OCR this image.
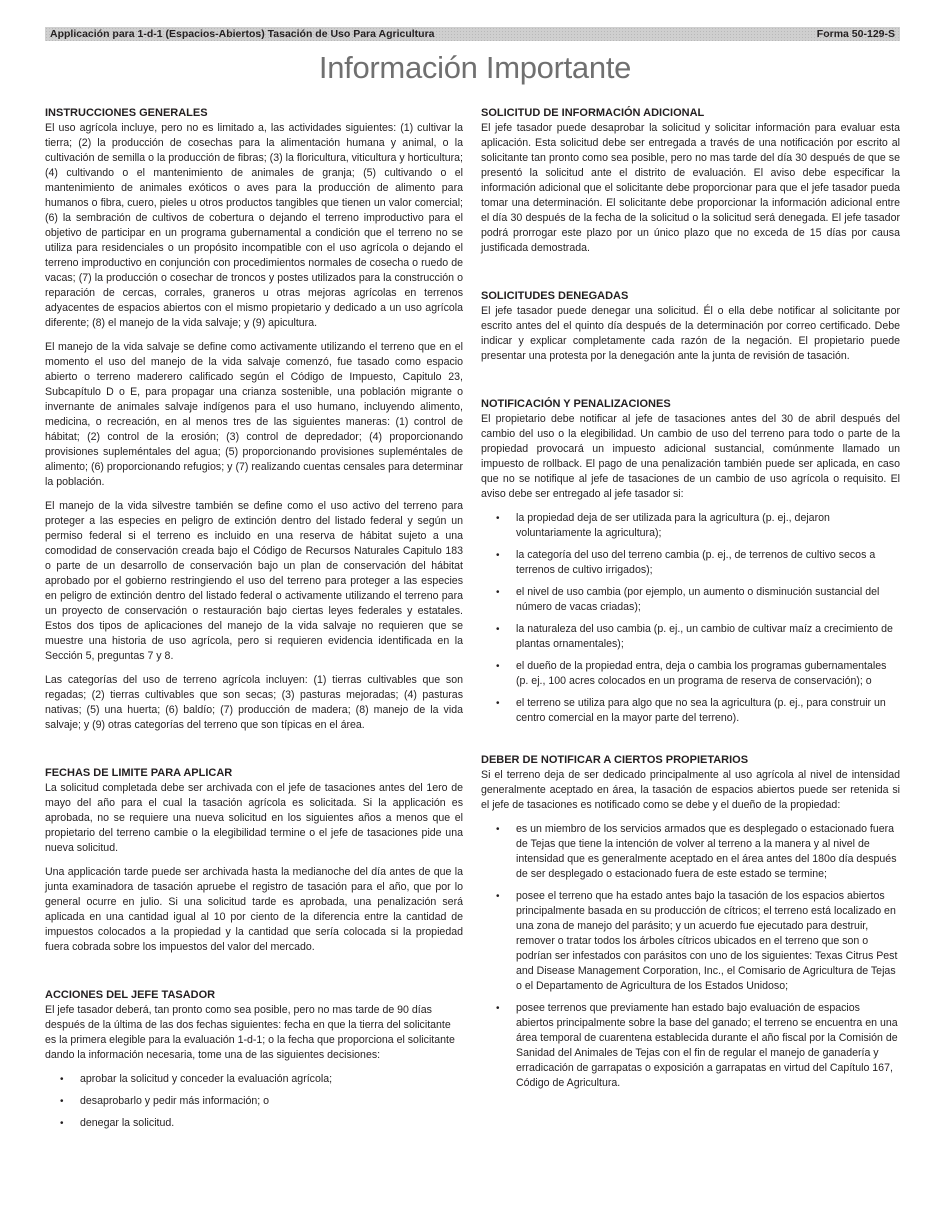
Applicación para 1-d-1 (Espacios-Abiertos) Tasación de Uso Para Agricultura	Forma 50-129-S
Información Importante
INSTRUCCIONES GENERALES

El uso agrícola incluye, pero no es limitado a, las actividades siguientes: (1) cultivar la tierra; (2) la producción de cosechas para la alimentación humana y animal, o la cultivación de semilla o la producción de fibras; (3) la floricultura, viticultura y horticultura; (4) cultivando o el mantenimiento de animales de granja; (5) cultivando o el mantenimiento de animales exóticos o aves para la producción de alimento para humanos o fibra, cuero, pieles u otros productos tangibles que tienen un valor comercial; (6) la sembración de cultivos de cobertura o dejando el terreno improductivo para el objetivo de participar en un programa gubernamental a condición que el terreno no se utiliza para residenciales o un propósito incompatible con el uso agrícola o dejando el terreno improductivo en conjunción con procedimientos normales de cosecha o ruedo de vacas; (7) la producción o cosechar de troncos y postes utilizados para la construcción o reparación de cercas, corrales, graneros u otras mejoras agrícolas en terrenos adyacentes de espacios abiertos con el mismo propietario y dedicado a un uso agrícola diferente; (8) el manejo de la vida salvaje; y (9) apicultura.

El manejo de la vida salvaje se define como activamente utilizando el terreno que en el momento el uso del manejo de la vida salvaje comenzó, fue tasado como espacio abierto o terreno maderero calificado según el Código de Impuesto, Capitulo 23, Subcapítulo D o E, para propagar una crianza sostenible, una población migrante o invernante de animales salvaje indígenos para el uso humano, incluyendo alimento, medicina, o recreación, en al menos tres de las siguientes maneras: (1) control de hábitat; (2) control de la erosión; (3) control de depredador; (4) proporcionando provisiones supleméntales del agua; (5) proporcionando provisiones supleméntales de alimento; (6) proporcionando refugios; y (7) realizando cuentas censales para determinar la población.

El manejo de la vida silvestre también se define como el uso activo del terreno para proteger a las especies en peligro de extinción dentro del listado federal y según un permiso federal si el terreno es incluido en una reserva de hábitat sujeto a una comodidad de conservación creada bajo el Código de Recursos Naturales Capitulo 183 o parte de un desarrollo de conservación bajo un plan de conservación del hábitat aprobado por el gobierno restringiendo el uso del terreno para proteger a las especies en peligro de extinción dentro del listado federal o activamente utilizando el terreno para un proyecto de conservación o restauración bajo ciertas leyes federales y estatales. Estos dos tipos de aplicaciones del manejo de la vida salvaje no requieren que se muestre una historia de uso agrícola, pero si requieren evidencia identificada en la Sección 5, preguntas 7 y 8.

Las categorías del uso de terreno agrícola incluyen: (1) tierras cultivables que son regadas; (2) tierras cultivables que son secas; (3) pasturas mejoradas; (4) pasturas nativas; (5) una huerta; (6) baldío; (7) producción de madera; (8) manejo de la vida salvaje; y (9) otras categorías del terreno que son típicas en el área.

FECHAS DE LIMITE PARA APLICAR

La solicitud completada debe ser archivada con el jefe de tasaciones antes del 1ero de mayo del año para el cual la tasación agrícola es solicitada. Si la applicación es aprobada, no se requiere una nueva solicitud en los siguientes años a menos que el propietario del terreno cambie o la elegibilidad termine o el jefe de tasaciones pide una nueva solicitud.

Una applicación tarde puede ser archivada hasta la medianoche del día antes de que la junta examinadora de tasación apruebe el registro de tasación para el año, que por lo general ocurre en julio. Si una solicitud tarde es aprobada, una penalización será aplicada en una cantidad igual al 10 por ciento de la diferencia entre la cantidad de impuestos colocados a la propiedad y la cantidad que sería colocada si la propiedad fuera cobrada sobre los impuestos del valor del mercado.

ACCIONES DEL JEFE TASADOR

El jefe tasador deberá, tan pronto como sea posible, pero no mas tarde de 90 días después de la última de las dos fechas siguientes: fecha en que la tierra del solicitante es la primera elegible para la evaluación 1-d-1; o la fecha que proporciona el solicitante dando la información necesaria, tome una de las siguientes decisiones:

• aprobar la solicitud y conceder la evaluación agrícola;
• desaprobarlo y pedir más información; o
• denegar la solicitud.
SOLICITUD DE INFORMACIÓN ADICIONAL

El jefe tasador puede desaprobar la solicitud y solicitar información para evaluar esta aplicación. Esta solicitud debe ser entregada a través de una notificación por escrito al solicitante tan pronto como sea posible, pero no mas tarde del día 30 después de que se presentó la solicitud ante el distrito de evaluación. El aviso debe especificar la información adicional que el solicitante debe proporcionar para que el jefe tasador pueda tomar una determinación. El solicitante debe proporcionar la información adicional entre el día 30 después de la fecha de la solicitud o la solicitud será denegada. El jefe tasador podrá prorrogar este plazo por un único plazo que no exceda de 15 días por causa justificada demostrada.

SOLICITUDES DENEGADAS

El jefe tasador puede denegar una solicitud. Él o ella debe notificar al solicitante por escrito antes del el quinto día después de la determinación por correo certificado. Debe indicar y explicar completamente cada razón de la negación. El propietario puede presentar una protesta por la denegación ante la junta de revisión de tasación.

NOTIFICACIÓN Y PENALIZACIONES

El propietario debe notificar al jefe de tasaciones antes del 30 de abril después del cambio del uso o la elegibilidad. Un cambio de uso del terreno para todo o parte de la propiedad provocará un impuesto adicional sustancial, comúnmente llamado un impuesto de rollback. El pago de una penalización también puede ser aplicada, en caso que no se notifique al jefe de tasaciones de un cambio de uso agrícola o requisito. El aviso debe ser entregado al jefe tasador si:

• la propiedad deja de ser utilizada para la agricultura (p. ej., dejaron voluntariamente la agricultura);
• la categoría del uso del terreno cambia (p. ej., de terrenos de cultivo secos a terrenos de cultivo irrigados);
• el nivel de uso cambia (por ejemplo, un aumento o disminución sustancial del número de vacas criadas);
• la naturaleza del uso cambia (p. ej., un cambio de cultivar maíz a crecimiento de plantas ornamentales);
• el dueño de la propiedad entra, deja o cambia los programas gubernamentales (p. ej., 100 acres colocados en un programa de reserva de conservación); o
• el terreno se utiliza para algo que no sea la agricultura (p. ej., para construir un centro comercial en la mayor parte del terreno).
DEBER DE NOTIFICAR A CIERTOS PROPIETARIOS

Si el terreno deja de ser dedicado principalmente al uso agrícola al nivel de intensidad generalmente aceptado en área, la tasación de espacios abiertos puede ser retenida si el jefe de tasaciones es notificado como se debe y el dueño de la propiedad:

• es un miembro de los servicios armados que es desplegado o estacionado fuera de Tejas que tiene la intención de volver al terreno a la manera y al nivel de intensidad que es generalmente aceptado en el área antes del 180o día después de ser desplegado o estacionado fuera de este estado se termine;
• posee el terreno que ha estado antes bajo la tasación de los espacios abiertos principalmente basada en su producción de cítricos; el terreno está localizado en una zona de manejo del parásito; y un acuerdo fue ejecutado para destruir, remover o tratar todos los árboles cítricos ubicados en el terreno que son o podrían ser infestados con parásitos con uno de los siguientes: Texas Citrus Pest and Disease Management Corporation, Inc., el Comisario de Agricultura de Tejas o el Departamento de Agricultura de los Estados Unidoso;
• posee terrenos que previamente han estado bajo evaluación de espacios abiertos principalmente sobre la base del ganado; el terreno se encuentra en una área temporal de cuarentena establecida durante el año fiscal por la Comisión de Sanidad del Animales de Tejas con el fin de regular el manejo de ganadería y erradicación de garrapatas o exposición a garrapatas en virtud del Capítulo 167, Código de Agricultura.
